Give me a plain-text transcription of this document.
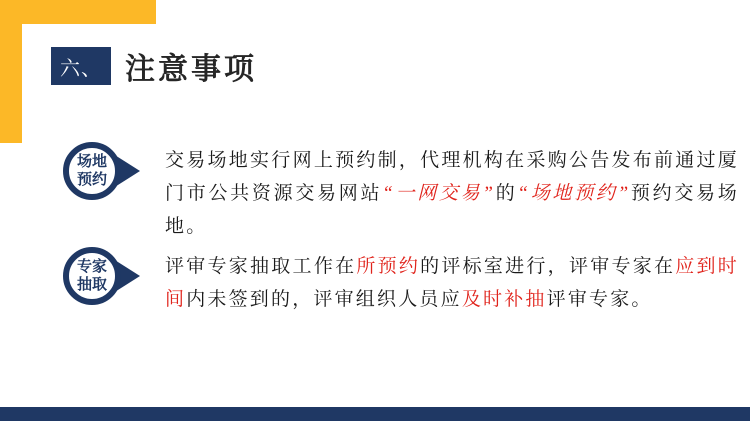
六、 注意事项
场地
预约
交易场地实行网上预约制，代理机构在采购公告发布前通过厦门市公共资源交易网站“一网交易”的“场地预约”预约交易场地。
专家
抽取
评审专家抽取工作在所预约的评标室进行，评审专家在应到时间内未签到的，评审组织人员应及时补抽评审专家。
